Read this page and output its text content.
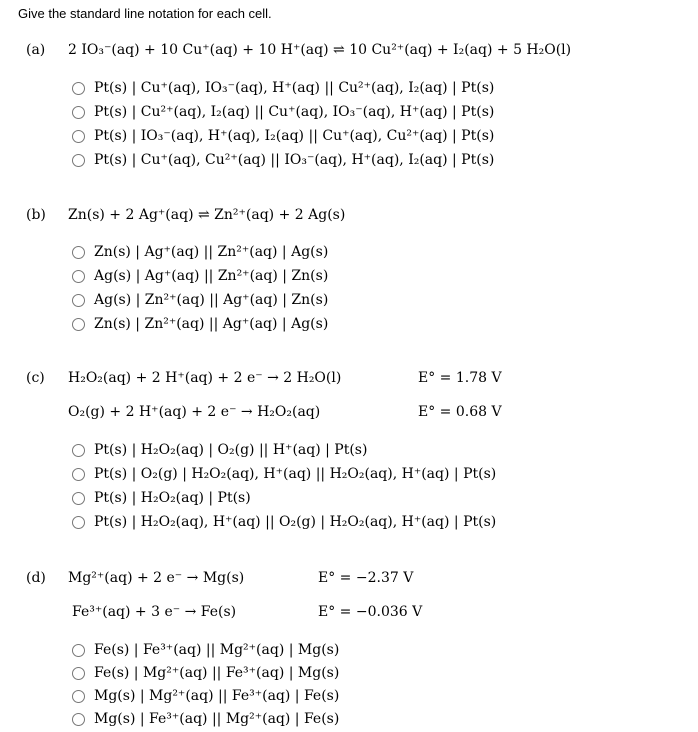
Give the standard line notation for each cell.
(a) 2 IO₃⁻(aq) + 10 Cu⁺(aq) + 10 H⁺(aq) ⇌ 10 Cu²⁺(aq) + I₂(aq) + 5 H₂O(l)
Pt(s) | Cu⁺(aq), IO₃⁻(aq), H⁺(aq) || Cu²⁺(aq), I₂(aq) | Pt(s)
Pt(s) | Cu²⁺(aq), I₂(aq) || Cu⁺(aq), IO₃⁻(aq), H⁺(aq) | Pt(s)
Pt(s) | IO₃⁻(aq), H⁺(aq), I₂(aq) || Cu⁺(aq), Cu²⁺(aq) | Pt(s)
Pt(s) | Cu⁺(aq), Cu²⁺(aq) || IO₃⁻(aq), H⁺(aq), I₂(aq) | Pt(s)
(b) Zn(s) + 2 Ag⁺(aq) ⇌ Zn²⁺(aq) + 2 Ag(s)
Zn(s) | Ag⁺(aq) || Zn²⁺(aq) | Ag(s)
Ag(s) | Ag⁺(aq) || Zn²⁺(aq) | Zn(s)
Ag(s) | Zn²⁺(aq) || Ag⁺(aq) | Zn(s)
Zn(s) | Zn²⁺(aq) || Ag⁺(aq) | Ag(s)
(c) H₂O₂(aq) + 2 H⁺(aq) + 2 e⁻ → 2 H₂O(l)	E° = 1.78 V
O₂(g) + 2 H⁺(aq) + 2 e⁻ → H₂O₂(aq)	E° = 0.68 V
Pt(s) | H₂O₂(aq) | O₂(g) || H⁺(aq) | Pt(s)
Pt(s) | O₂(g) | H₂O₂(aq), H⁺(aq) || H₂O₂(aq), H⁺(aq) | Pt(s)
Pt(s) | H₂O₂(aq) | Pt(s)
Pt(s) | H₂O₂(aq), H⁺(aq) || O₂(g) | H₂O₂(aq), H⁺(aq) | Pt(s)
(d) Mg²⁺(aq) + 2 e⁻ → Mg(s)	E° = −2.37 V
Fe³⁺(aq) + 3 e⁻ → Fe(s)	E° = −0.036 V
Fe(s) | Fe³⁺(aq) || Mg²⁺(aq) | Mg(s)
Fe(s) | Mg²⁺(aq) || Fe³⁺(aq) | Mg(s)
Mg(s) | Mg²⁺(aq) || Fe³⁺(aq) | Fe(s)
Mg(s) | Fe³⁺(aq) || Mg²⁺(aq) | Fe(s)
